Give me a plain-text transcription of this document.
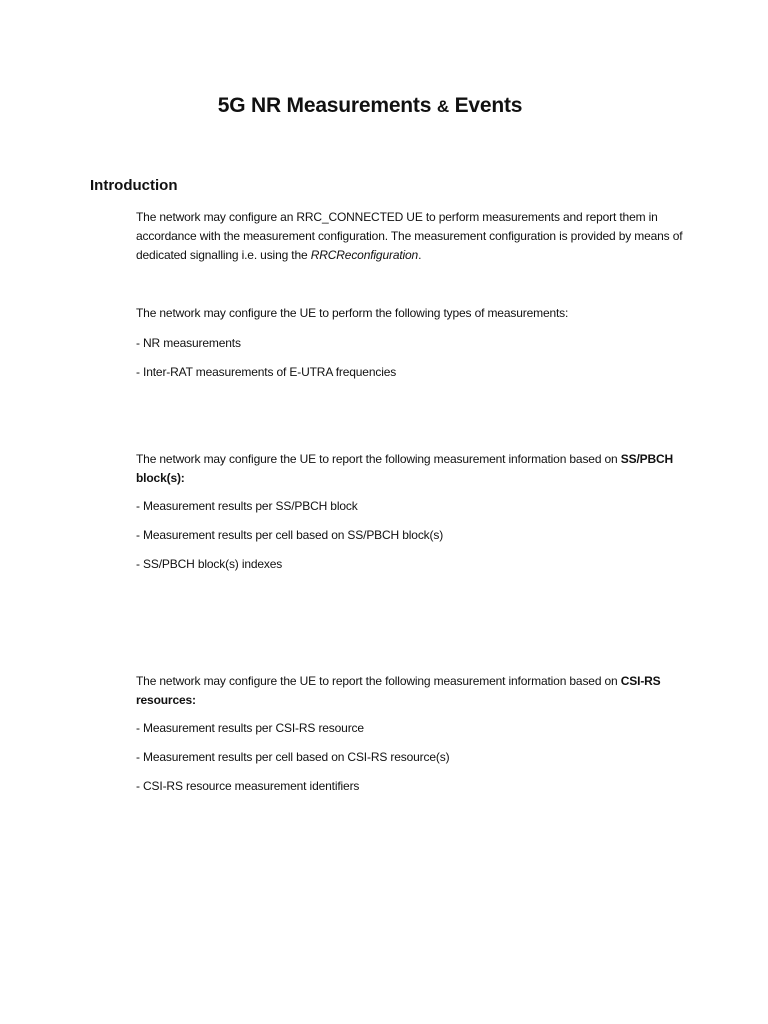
5G NR Measurements & Events
Introduction

The network may configure an RRC_CONNECTED UE to perform measurements and report them in accordance with the measurement configuration. The measurement configuration is provided by means of dedicated signalling i.e. using the RRCReconfiguration.

The network may configure the UE to perform the following types of measurements:

- NR measurements

- Inter-RAT measurements of E-UTRA frequencies

The network may configure the UE to report the following measurement information based on SS/PBCH block(s):

- Measurement results per SS/PBCH block

- Measurement results per cell based on SS/PBCH block(s)

- SS/PBCH block(s) indexes

The network may configure the UE to report the following measurement information based on CSI-RS resources:

- Measurement results per CSI-RS resource

- Measurement results per cell based on CSI-RS resource(s)

- CSI-RS resource measurement identifiers
